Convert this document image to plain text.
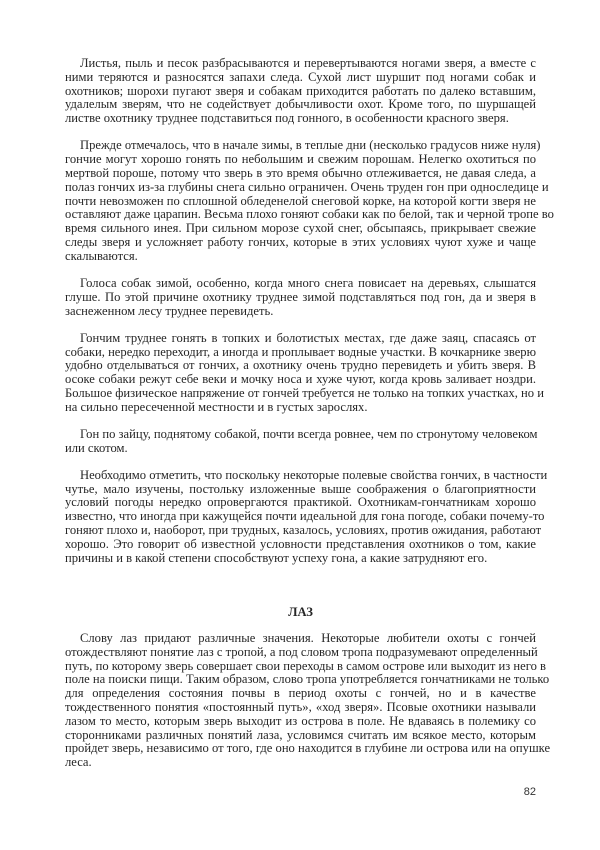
Листья, пыль и песок разбрасываются и перевертываются ногами зверя, а вместе с
ними теряются и разносятся запахи следа. Сухой лист шуршит под ногами собак и
охотников; шорохи пугают зверя и собакам приходится работать по далеко вставшим,
удалелым зверям, что не содействует добычливости охот. Кроме того, по шуршащей
листве охотнику труднее подставиться под гонного, в особенности красного зверя.
Прежде отмечалось, что в начале зимы, в теплые дни (несколько градусов ниже нуля)
гончие могут хорошо гонять по небольшим и свежим порошам. Нелегко охотиться по
мертвой пороше, потому что зверь в это время обычно отлеживается, не давая следа, а
полаз гончих из-за глубины снега сильно ограничен. Очень труден гон при односледице и
почти невозможен по сплошной обледенелой снеговой корке, на которой когти зверя не
оставляют даже царапин. Весьма плохо гоняют собаки как по белой, так и черной тропе во
время сильного инея. При сильном морозе сухой снег, обсыпаясь, прикрывает свежие
следы зверя и усложняет работу гончих, которые в этих условиях чуют хуже и чаще
скалываются.
Голоса собак зимой, особенно, когда много снега повисает на деревьях, слышатся
глуше. По этой причине охотнику труднее зимой подставляться под гон, да и зверя в
заснеженном лесу труднее перевидеть.
Гончим труднее гонять в топких и болотистых местах, где даже заяц, спасаясь от
собаки, нередко переходит, а иногда и проплывает водные участки. В кочкарнике зверю
удобно отделываться от гончих, а охотнику очень трудно перевидеть и убить зверя. В
осоке собаки режут себе веки и мочку носа и хуже чуют, когда кровь заливает ноздри.
Большое физическое напряжение от гончей требуется не только на топких участках, но и
на сильно пересеченной местности и в густых зарослях.
Гон по зайцу, поднятому собакой, почти всегда ровнее, чем по стронутому человеком
или скотом.
Необходимо отметить, что поскольку некоторые полевые свойства гончих, в частности
чутье, мало изучены, постольку изложенные выше соображения о благоприятности
условий погоды нередко опровергаются практикой. Охотникам-гончатникам хорошо
известно, что иногда при кажущейся почти идеальной для гона погоде, собаки почему-то
гоняют плохо и, наоборот, при трудных, казалось, условиях, против ожидания, работают
хорошо. Это говорит об известной условности представления охотников о том, какие
причины и в какой степени способствуют успеху гона, а какие затрудняют его.
ЛАЗ
Слову лаз придают различные значения. Некоторые любители охоты с гончей
отождествляют понятие лаз с тропой, а под словом тропа подразумевают определенный
путь, по которому зверь совершает свои переходы в самом острове или выходит из него в
поле на поиски пищи. Таким образом, слово тропа употребляется гончатниками не только
для определения состояния почвы в период охоты с гончей, но и в качестве
тождественного понятия «постоянный путь», «ход зверя». Псовые охотники называли
лазом то место, которым зверь выходит из острова в поле. Не вдаваясь в полемику со
сторонниками различных понятий лаза, условимся считать им всякое место, которым
пройдет зверь, независимо от того, где оно находится в глубине ли острова или на опушке
леса.
82
